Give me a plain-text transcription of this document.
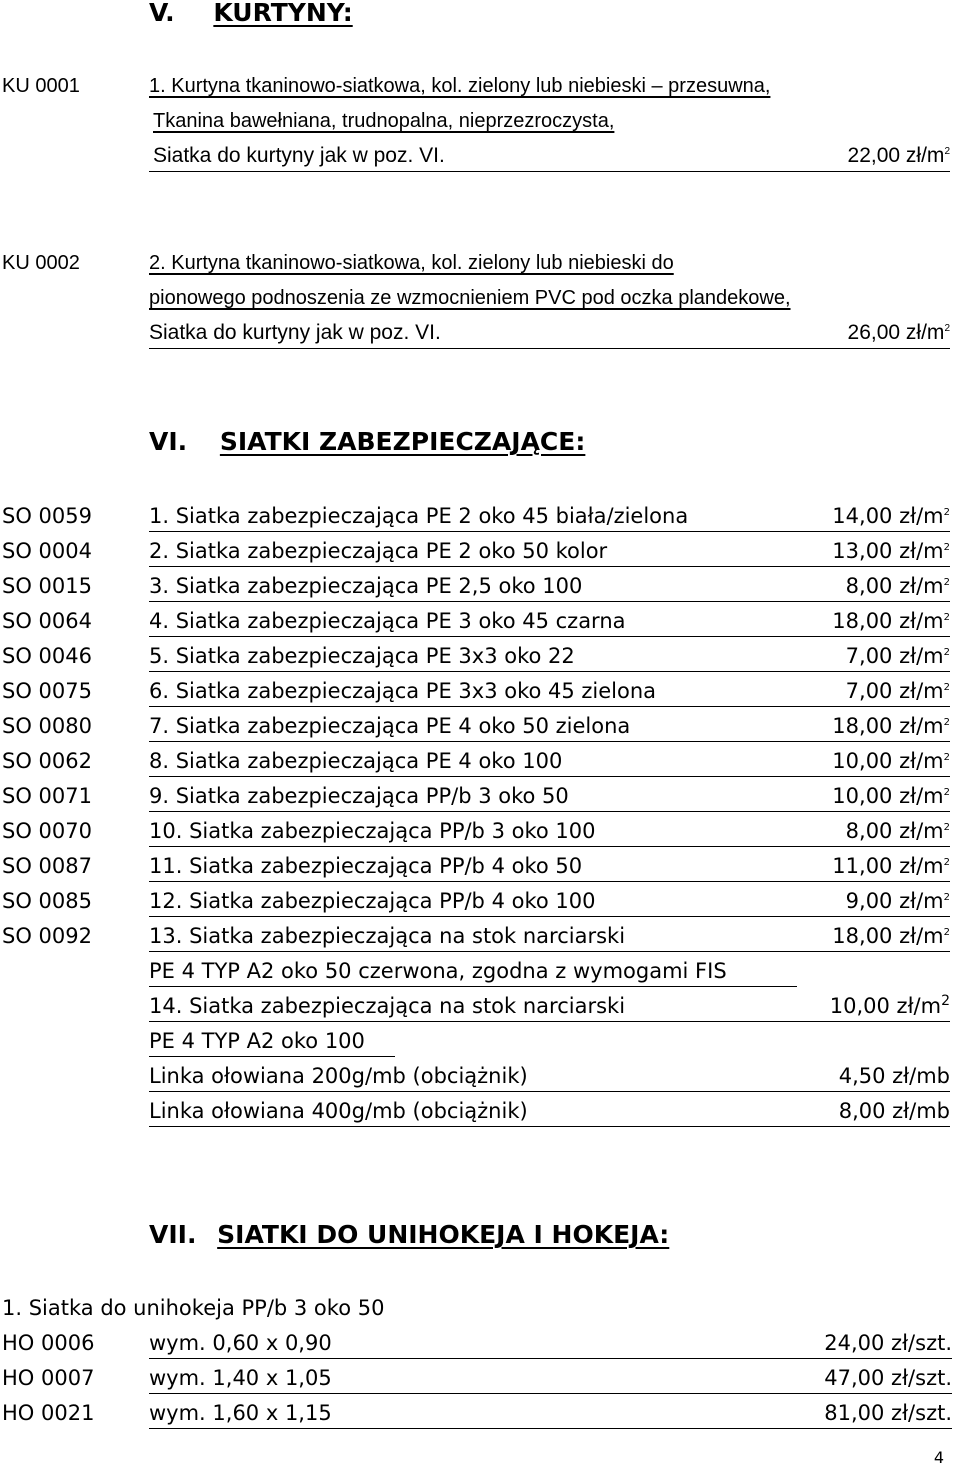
V. KURTYNY:
KU 0001	1. Kurtyna tkaninowo-siatkowa, kol. zielony lub niebieski – przesuwna,
Tkanina bawełniana, trudnopalna, nieprzezroczysta,
Siatka do kurtyny jak w poz. VI.	22,00 $zł/m^2$
KU 0002	2. Kurtyna tkaninowo-siatkowa, kol. zielony lub niebieski do
pionowego podnoszenia ze wzmocnieniem PVC pod oczka plandekowe,
Siatka do kurtyny jak w poz. VI.	26,00 $zł/m^2$
VI. SIATKI ZABEZPIECZAJĄCE:
SO 0059	1. Siatka zabezpieczająca PE 2 oko 45 biała/zielona	14,00 $zł/m^2$
SO 0004	2. Siatka zabezpieczająca PE 2 oko 50 kolor	13,00 $zł/m^2$
SO 0015	3. Siatka zabezpieczająca PE 2,5 oko 100	8,00 $zł/m^2$
SO 0064	4. Siatka zabezpieczająca PE 3 oko 45 czarna	18,00 $zł/m^2$
SO 0046	5. Siatka zabezpieczająca PE 3x3 oko 22	7,00 $zł/m^2$
SO 0075	6. Siatka zabezpieczająca PE 3x3 oko 45 zielona	7,00 $zł/m^2$
SO 0080	7. Siatka zabezpieczająca PE 4 oko 50 zielona	18,00 $zł/m^2$
SO 0062	8. Siatka zabezpieczająca PE 4 oko 100	10,00 $zł/m^2$
SO 0071	9. Siatka zabezpieczająca PP/b 3 oko 50	10,00 $zł/m^2$
SO 0070	10. Siatka zabezpieczająca PP/b 3 oko 100	8,00 $zł/m^2$
SO 0087	11. Siatka zabezpieczająca PP/b 4 oko 50	11,00 $zł/m^2$
SO 0085	12. Siatka zabezpieczająca PP/b 4 oko 100	9,00 $zł/m^2$
SO 0092	13. Siatka zabezpieczająca na stok narciarski	18,00 $zł/m^2$
PE 4 TYP A2 oko 50 czerwona, zgodna z wymogami FIS
14. Siatka zabezpieczająca na stok narciarski	10,00 $zł/m^2$
PE 4 TYP A2 oko 100
Linka ołowiana 200g/mb (obciążnik)	4,50 zł/mb
Linka ołowiana 400g/mb (obciążnik)	8,00 zł/mb
VII. SIATKI DO UNIHOKEJA I HOKEJA:
1. Siatka do unihokeja PP/b 3 oko 50
HO 0006	wym. 0,60 x 0,90	24,00 zł/szt.
HO 0007	wym. 1,40 x 1,05	47,00 zł/szt.
HO 0021	wym. 1,60 x 1,15	81,00 zł/szt.
4
